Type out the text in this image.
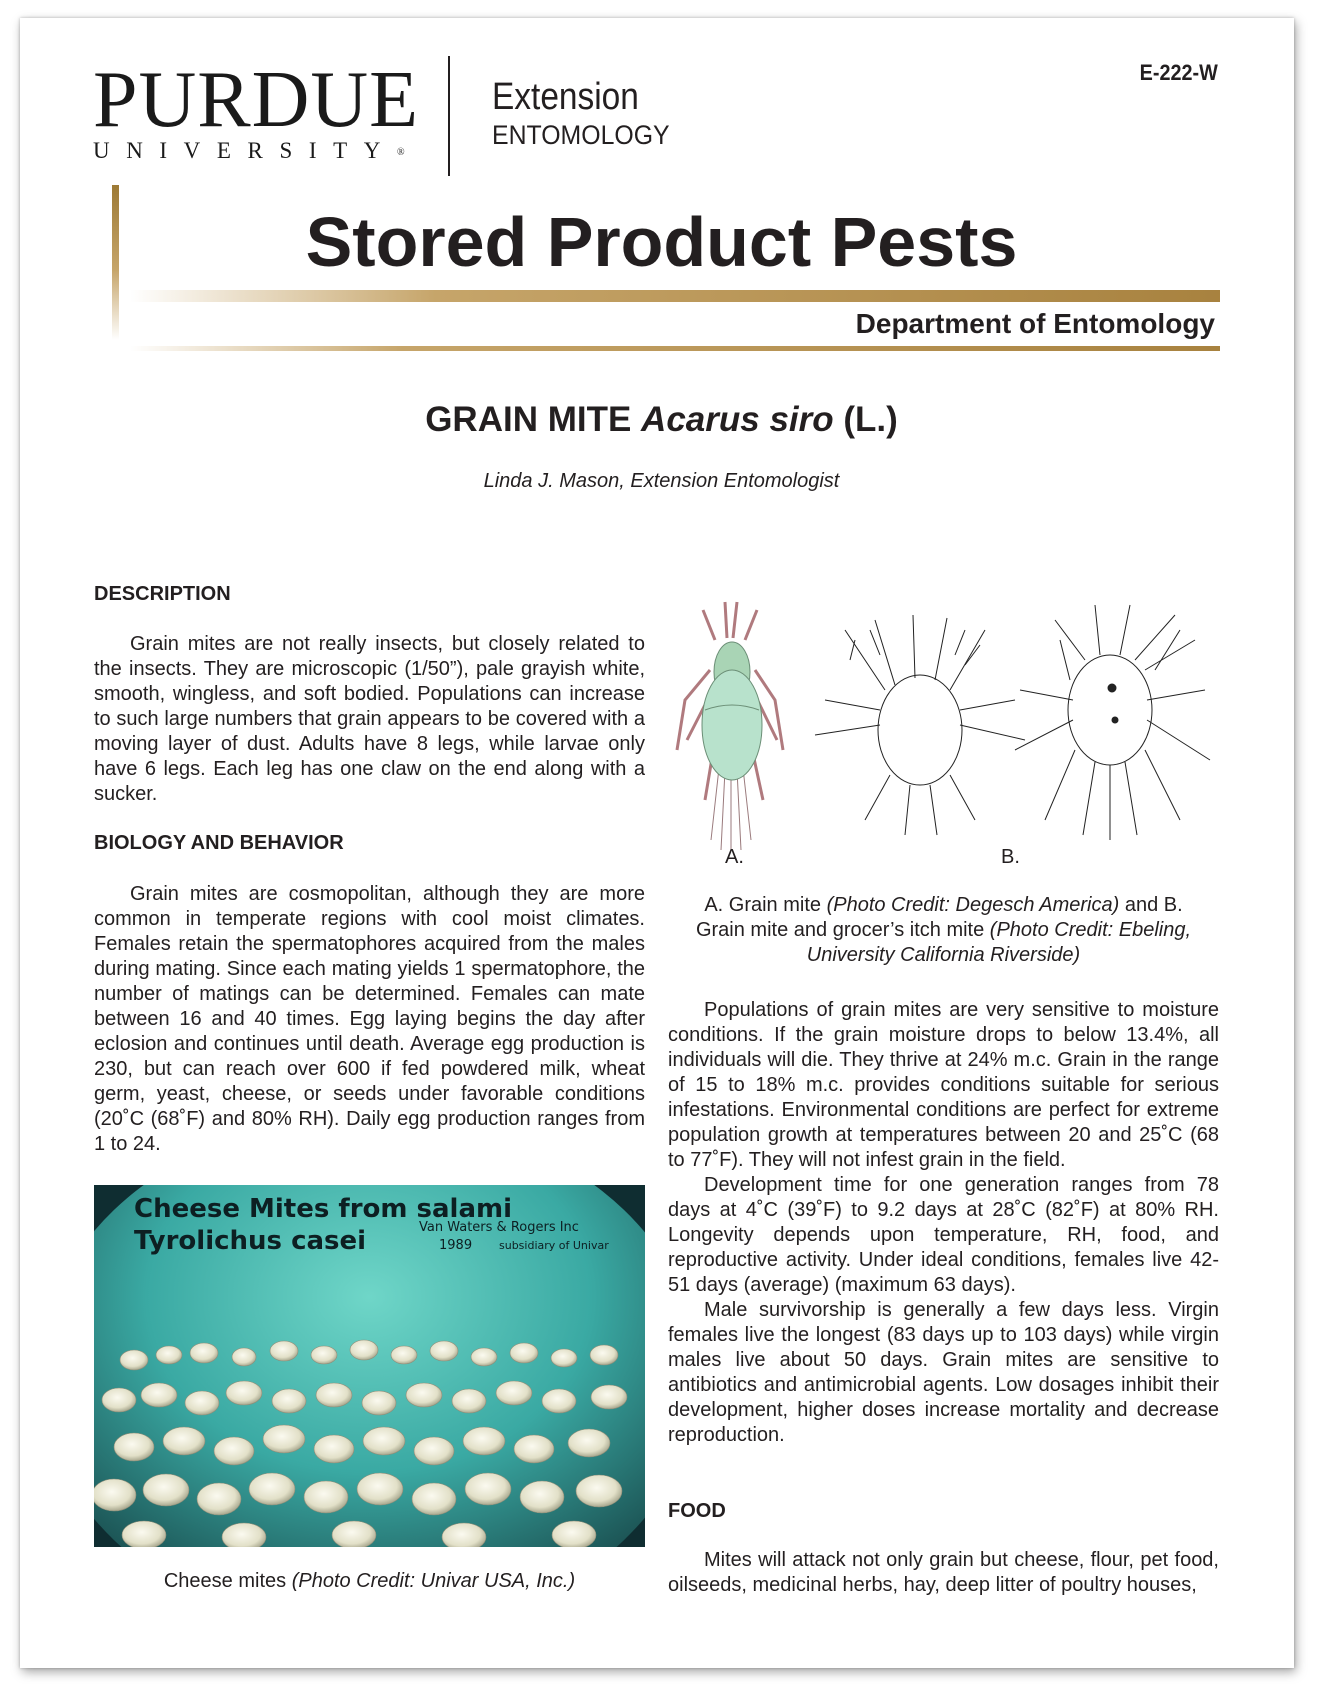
PURDUE
UNIVERSITY®
Extension
ENTOMOLOGY
E-222-W
Stored Product Pests
Department of Entomology
GRAIN MITE Acarus siro (L.)
Linda J. Mason, Extension Entomologist
DESCRIPTION
Grain mites are not really insects, but closely related to the insects. They are microscopic (1/50”), pale grayish white, smooth, wingless, and soft bodied. Populations can increase to such large numbers that grain appears to be covered with a moving layer of dust. Adults have 8 legs, while larvae only have 6 legs. Each leg has one claw on the end along with a sucker.
BIOLOGY AND BEHAVIOR
Grain mites are cosmopolitan, although they are more common in temperate regions with cool moist climates. Females retain the spermatophores acquired from the males during mating. Since each mating yields 1 spermatophore, the number of matings can be determined. Females can mate between 16 and 40 times. Egg laying begins the day after eclosion and continues until death. Average egg production is 230, but can reach over 600 if fed powdered milk, wheat germ, yeast, cheese, or seeds under favorable conditions (20˚C (68˚F) and 80% RH). Daily egg production ranges from 1 to 24.
Cheese Mites from salami
Tyrolichus casei	Van Waters & Rogers Inc
1989 subsidiary of Univar
Cheese mites (Photo Credit: Univar USA, Inc.)
A.	B.
A. Grain mite (Photo Credit: Degesch America) and B.
Grain mite and grocer’s itch mite (Photo Credit: Ebeling,
University California Riverside)
Populations of grain mites are very sensitive to moisture conditions. If the grain moisture drops to below 13.4%, all individuals will die. They thrive at 24% m.c. Grain in the range of 15 to 18% m.c. provides conditions suitable for serious infestations. Environmental conditions are perfect for extreme population growth at temperatures between 20 and 25˚C (68 to 77˚F). They will not infest grain in the field.
Development time for one generation ranges from 78 days at 4˚C (39˚F) to 9.2 days at 28˚C (82˚F) at 80% RH. Longevity depends upon temperature, RH, food, and reproductive activity. Under ideal conditions, females live 42-51 days (average) (maximum 63 days).
Male survivorship is generally a few days less. Virgin females live the longest (83 days up to 103 days) while virgin males live about 50 days. Grain mites are sensitive to antibiotics and antimicrobial agents. Low dosages inhibit their development, higher doses increase mortality and decrease reproduction.
FOOD
Mites will attack not only grain but cheese, flour, pet food, oilseeds, medicinal herbs, hay, deep litter of poultry houses,
